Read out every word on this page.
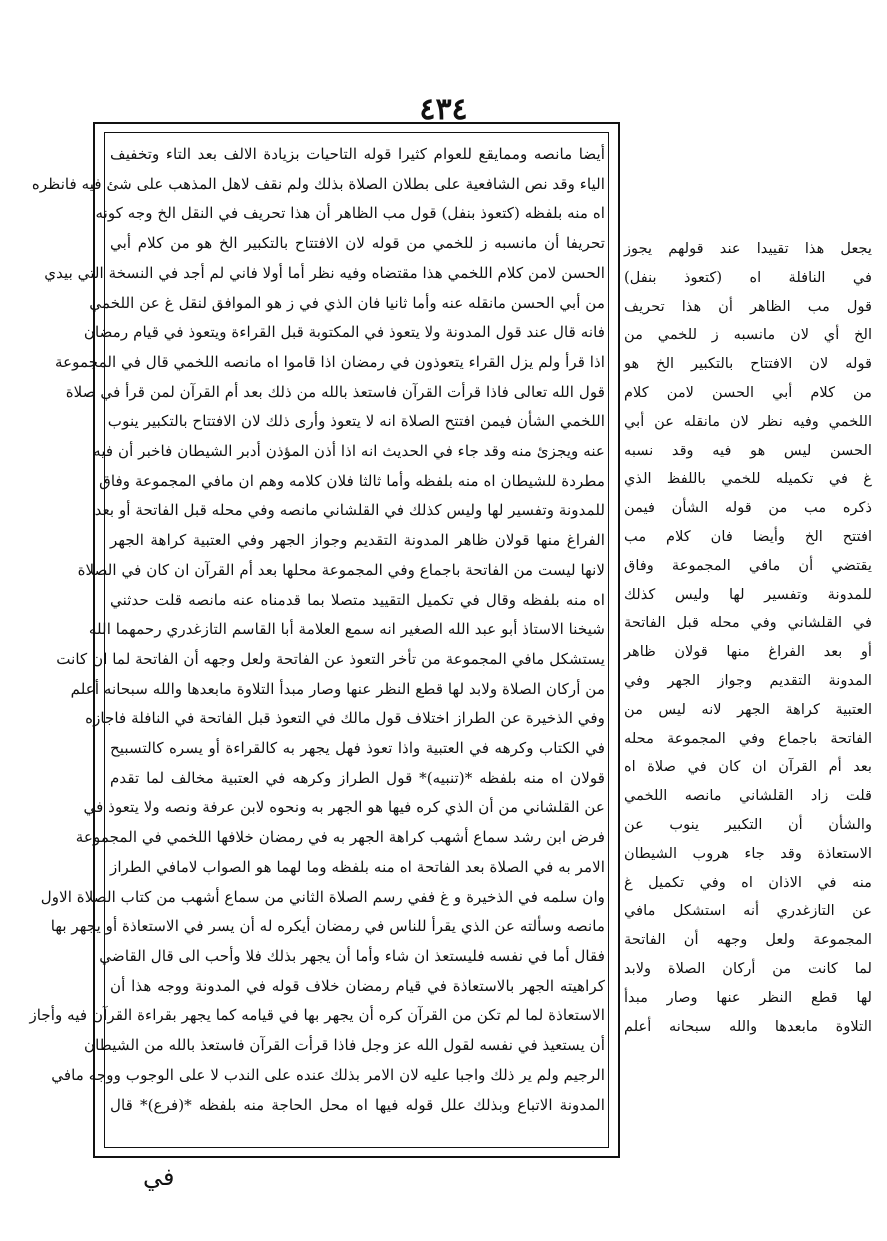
٤٣٤
أيضا مانصه وممايقع للعوام كثيرا قوله التاحيات بزيادة الالف بعد التاء وتخفيف
الياء وقد نص الشافعية على بطلان الصلاة بذلك ولم نقف لاهل المذهب على شئ فيه فانظره
اه منه بلفظه (كتعوذ بنفل) قول مب الظاهر أن هذا تحريف في النقل الخ وجه كونه
تحريفا أن مانسبه ز للخمي من قوله لان الافتتاح بالتكبير الخ هو من كلام أبي
الحسن لامن كلام اللخمي هذا مقتضاه وفيه نظر أما أولا فاني لم أجد في النسخة التي بيدي
من أبي الحسن مانقله عنه وأما ثانيا فان الذي في ز هو الموافق لنقل غ عن اللخمي
فانه قال عند قول المدونة ولا يتعوذ في المكتوبة قبل القراءة ويتعوذ في قيام رمضان
اذا قرأ ولم يزل القراء يتعوذون في رمضان اذا قاموا اه مانصه اللخمي قال في المجموعة
قول الله تعالى فاذا قرأت القرآن فاستعذ بالله من ذلك بعد أم القرآن لمن قرأ في صلاة
اللخمي الشأن فيمن افتتح الصلاة انه لا يتعوذ وأرى ذلك لان الافتتاح بالتكبير ينوب
عنه ويجزئ منه وقد جاء في الحديث انه اذا أذن المؤذن أدبر الشيطان فاخبر أن فيه
مطردة للشيطان اه منه بلفظه وأما ثالثا فلان كلامه وهم ان مافي المجموعة وفاق
للمدونة وتفسير لها وليس كذلك في القلشاني مانصه وفي محله قبل الفاتحة أو بعد
الفراغ منها قولان ظاهر المدونة التقديم وجواز الجهر وفي العتبية كراهة الجهر
لانها ليست من الفاتحة باجماع وفي المجموعة محلها بعد أم القرآن ان كان في الصلاة
اه منه بلفظه وقال في تكميل التقييد متصلا بما قدمناه عنه مانصه قلت حدثني
شيخنا الاستاذ أبو عبد الله الصغير انه سمع العلامة أبا القاسم التازغدري رحمهما الله
يستشكل مافي المجموعة من تأخر التعوذ عن الفاتحة ولعل وجهه أن الفاتحة لما ان كانت
من أركان الصلاة ولابد لها قطع النظر عنها وصار مبدأ التلاوة مابعدها والله سبحانه أعلم
وفي الذخيرة عن الطراز اختلاف قول مالك في التعوذ قبل الفاتحة في النافلة فاجازه
في الكتاب وكرهه في العتبية واذا تعوذ فهل يجهر به كالقراءة أو يسره كالتسبيح
قولان اه منه بلفظه *(تنبيه)* قول الطراز وكرهه في العتبية مخالف لما تقدم
عن القلشاني من أن الذي كره فيها هو الجهر به ونحوه لابن عرفة ونصه ولا يتعوذ في
فرض ابن رشد سماع أشهب كراهة الجهر به في رمضان خلافها اللخمي في المجموعة
الامر به في الصلاة بعد الفاتحة اه منه بلفظه وما لهما هو الصواب لامافي الطراز
وان سلمه في الذخيرة و غ ففي رسم الصلاة الثاني من سماع أشهب من كتاب الصلاة الاول
مانصه وسألته عن الذي يقرأ للناس في رمضان أيكره له أن يسر في الاستعاذة أو يجهر بها
فقال أما في نفسه فليستعذ ان شاء وأما أن يجهر بذلك فلا وأحب الى قال القاضي
كراهيته الجهر بالاستعاذة في قيام رمضان خلاف قوله في المدونة ووجه هذا أن
الاستعاذة لما لم تكن من القرآن كره أن يجهر بها في قيامه كما يجهر بقراءة القرآن فيه وأجاز
أن يستعيذ في نفسه لقول الله عز وجل فاذا قرأت القرآن فاستعذ بالله من الشيطان
الرجيم ولم ير ذلك واجبا عليه لان الامر بذلك عنده على الندب لا على الوجوب ووجه مافي
المدونة الاتباع وبذلك علل قوله فيها اه محل الحاجة منه بلفظه *(فرع)* قال
يجعل هذا تقييدا عند قولهم يجوز
في النافلة اه (كتعوذ بنفل)
قول مب الظاهر أن هذا تحريف
الخ أي لان مانسبه ز للخمي من
قوله لان الافتتاح بالتكبير الخ هو
من كلام أبي الحسن لامن كلام
اللخمي وفيه نظر لان مانقله عن أبي
الحسن ليس هو فيه وقد نسبه
غ في تكميله للخمي باللفظ الذي
ذكره مب من قوله الشأن فيمن
افتتح الخ وأيضا فان كلام مب
يقتضي أن مافي المجموعة وفاق
للمدونة وتفسير لها وليس كذلك
في القلشاني وفي محله قبل الفاتحة
أو بعد الفراغ منها قولان ظاهر
المدونة التقديم وجواز الجهر وفي
العتبية كراهة الجهر لانه ليس من
الفاتحة باجماع وفي المجموعة محله
بعد أم القرآن ان كان في صلاة اه
قلت زاد القلشاني مانصه اللخمي
والشأن أن التكبير ينوب عن
الاستعاذة وقد جاء هروب الشيطان
منه في الاذان اه وفي تكميل غ
عن التازغدري أنه استشكل مافي
المجموعة ولعل وجهه أن الفاتحة
لما كانت من أركان الصلاة ولابد
لها قطع النظر عنها وصار مبدأ
التلاوة مابعدها والله سبحانه أعلم
في
